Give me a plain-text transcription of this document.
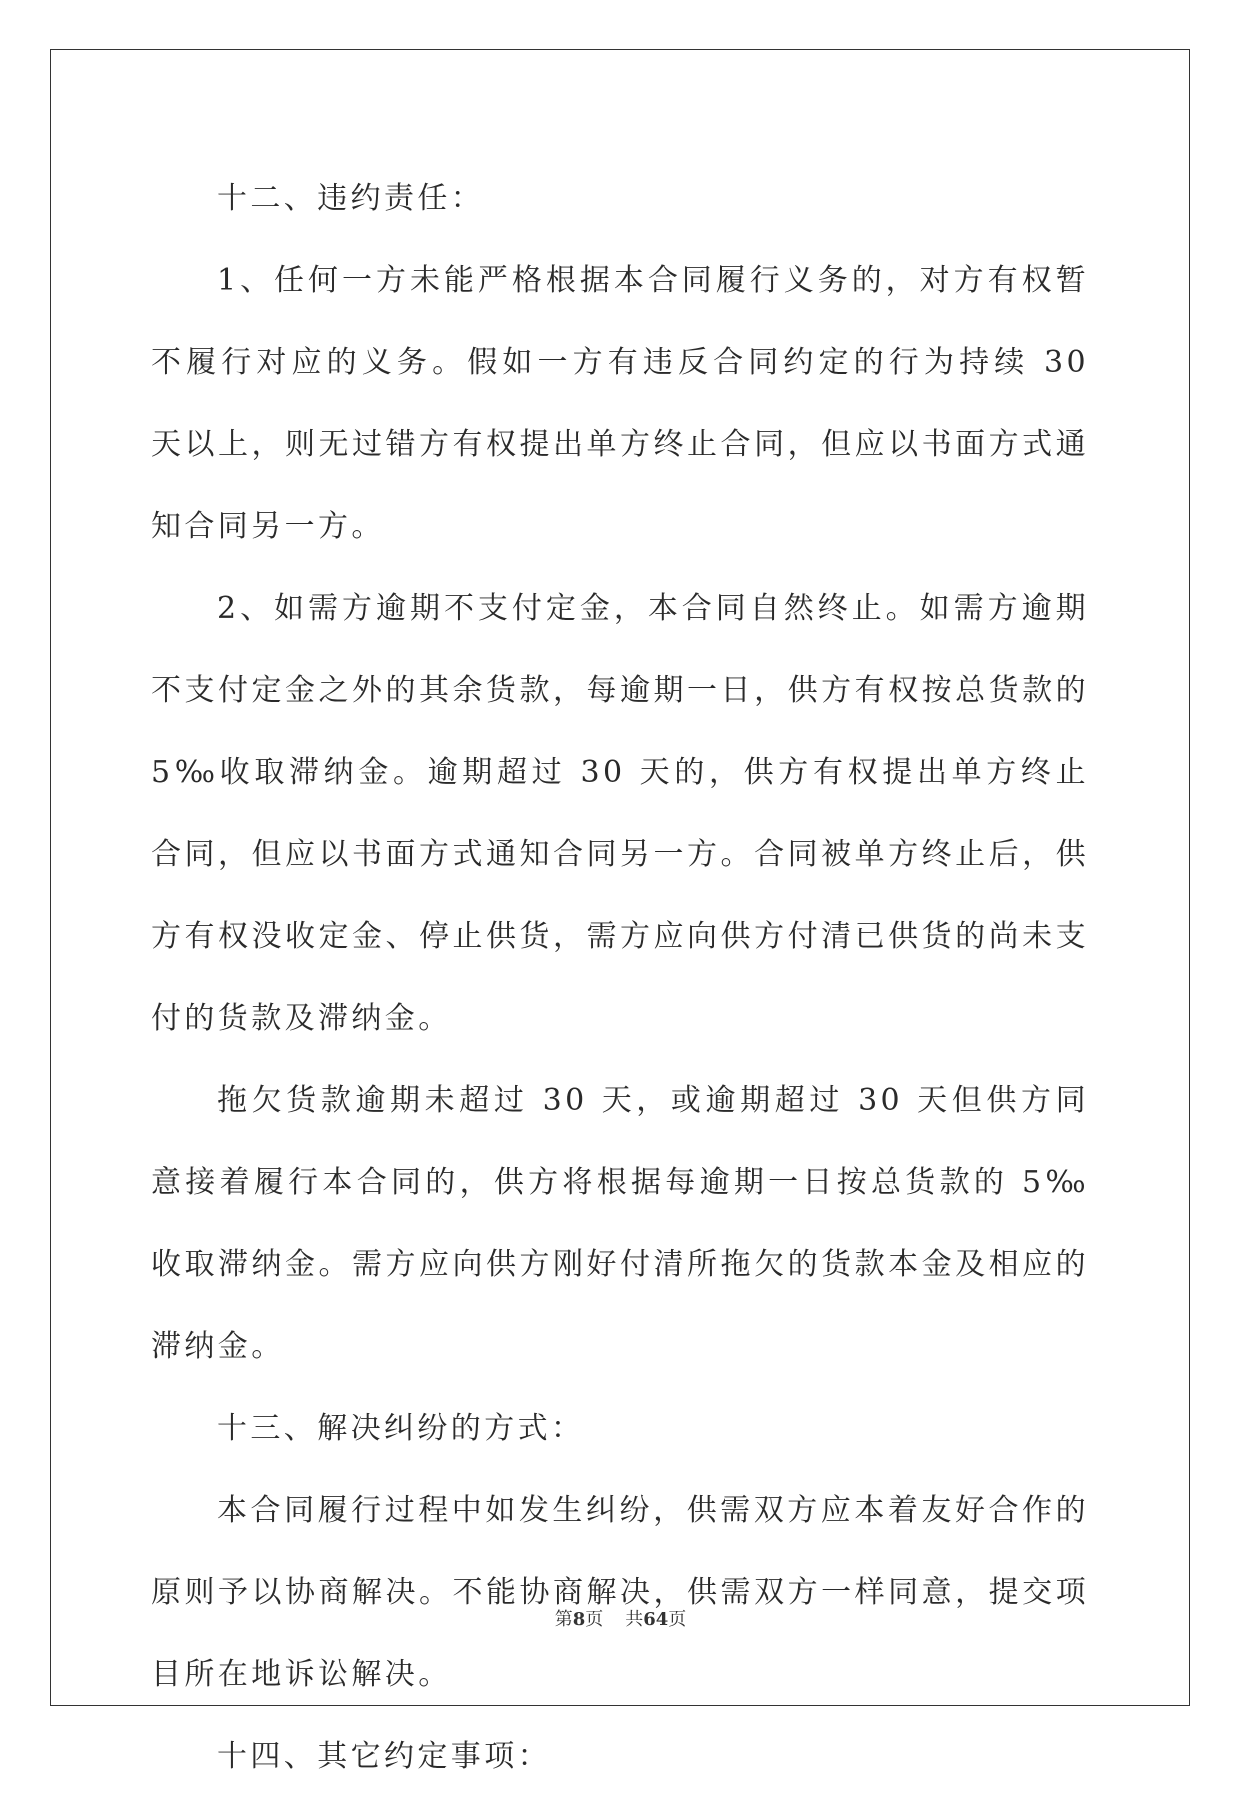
十二、违约责任：

1、任何一方未能严格根据本合同履行义务的，对方有权暂不履行对应的义务。假如一方有违反合同约定的行为持续 30 天以上，则无过错方有权提出单方终止合同，但应以书面方式通知合同另一方。

2、如需方逾期不支付定金，本合同自然终止。如需方逾期不支付定金之外的其余货款，每逾期一日，供方有权按总货款的 5‰收取滞纳金。逾期超过 30 天的，供方有权提出单方终止合同，但应以书面方式通知合同另一方。合同被单方终止后，供方有权没收定金、停止供货，需方应向供方付清已供货的尚未支付的货款及滞纳金。

拖欠货款逾期未超过 30 天，或逾期超过 30 天但供方同意接着履行本合同的，供方将根据每逾期一日按总货款的 5‰收取滞纳金。需方应向供方刚好付清所拖欠的货款本金及相应的滞纳金。

十三、解决纠纷的方式：

本合同履行过程中如发生纠纷，供需双方应本着友好合作的原则予以协商解决。不能协商解决，供需双方一样同意，提交项目所在地诉讼解决。

十四、其它约定事项：

第8页 共64页
